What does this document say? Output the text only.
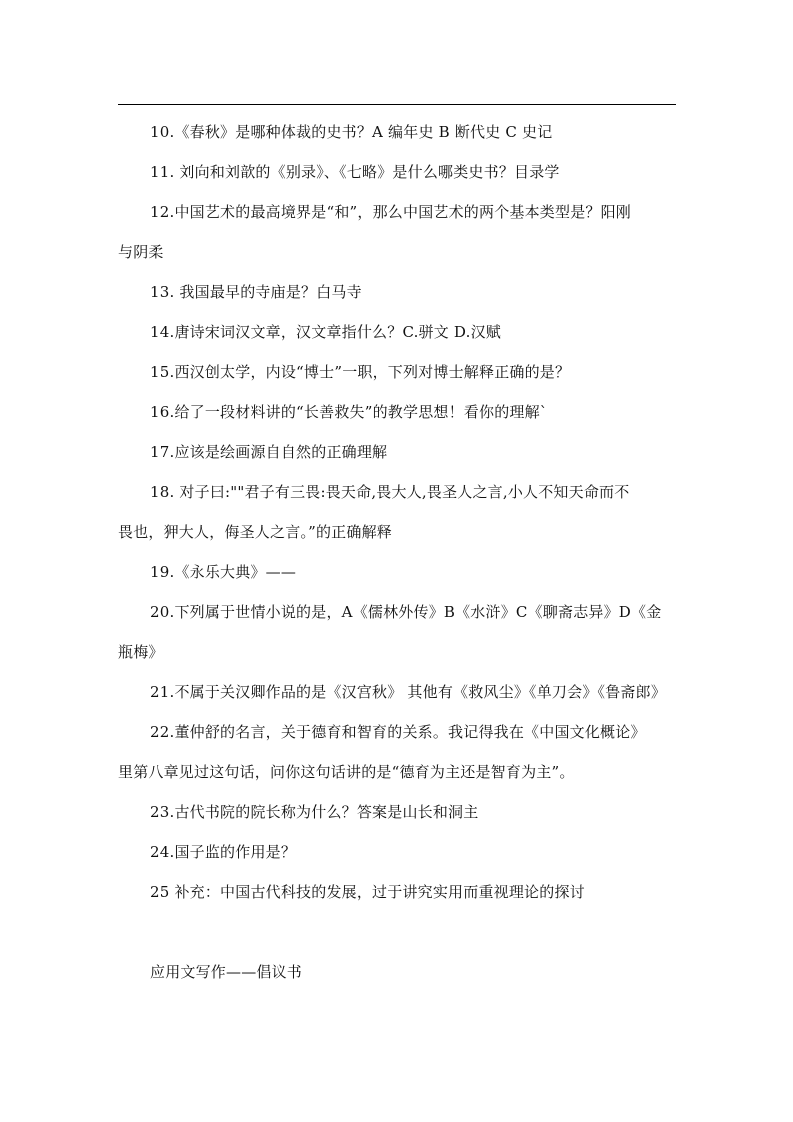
10.《春秋》是哪种体裁的史书？A 编年史 B 断代史 C 史记
11. 刘向和刘歆的《别录》、《七略》是什么哪类史书？目录学
12.中国艺术的最高境界是“和”，那么中国艺术的两个基本类型是？阳刚
与阴柔
13. 我国最早的寺庙是？白马寺
14.唐诗宋词汉文章，汉文章指什么？C.骈文 D.汉赋
15.西汉创太学，内设“博士”一职，下列对博士解释正确的是？
16.给了一段材料讲的“长善救失”的教学思想！看你的理解`
17.应该是绘画源自自然的正确理解
18. 对子曰:""君子有三畏:畏天命,畏大人,畏圣人之言,小人不知天命而不
畏也，狎大人，侮圣人之言。”的正确解释
19.《永乐大典》——
20.下列属于世情小说的是，A《儒林外传》B《水浒》C《聊斋志异》D《金
瓶梅》
21.不属于关汉卿作品的是《汉宫秋》 其他有《救风尘》《单刀会》《鲁斋郎》
22.董仲舒的名言，关于德育和智育的关系。我记得我在《中国文化概论》
里第八章见过这句话，问你这句话讲的是“德育为主还是智育为主”。
23.古代书院的院长称为什么？答案是山长和洞主
24.国子监的作用是？
25 补充：中国古代科技的发展，过于讲究实用而重视理论的探讨
应用文写作——倡议书
